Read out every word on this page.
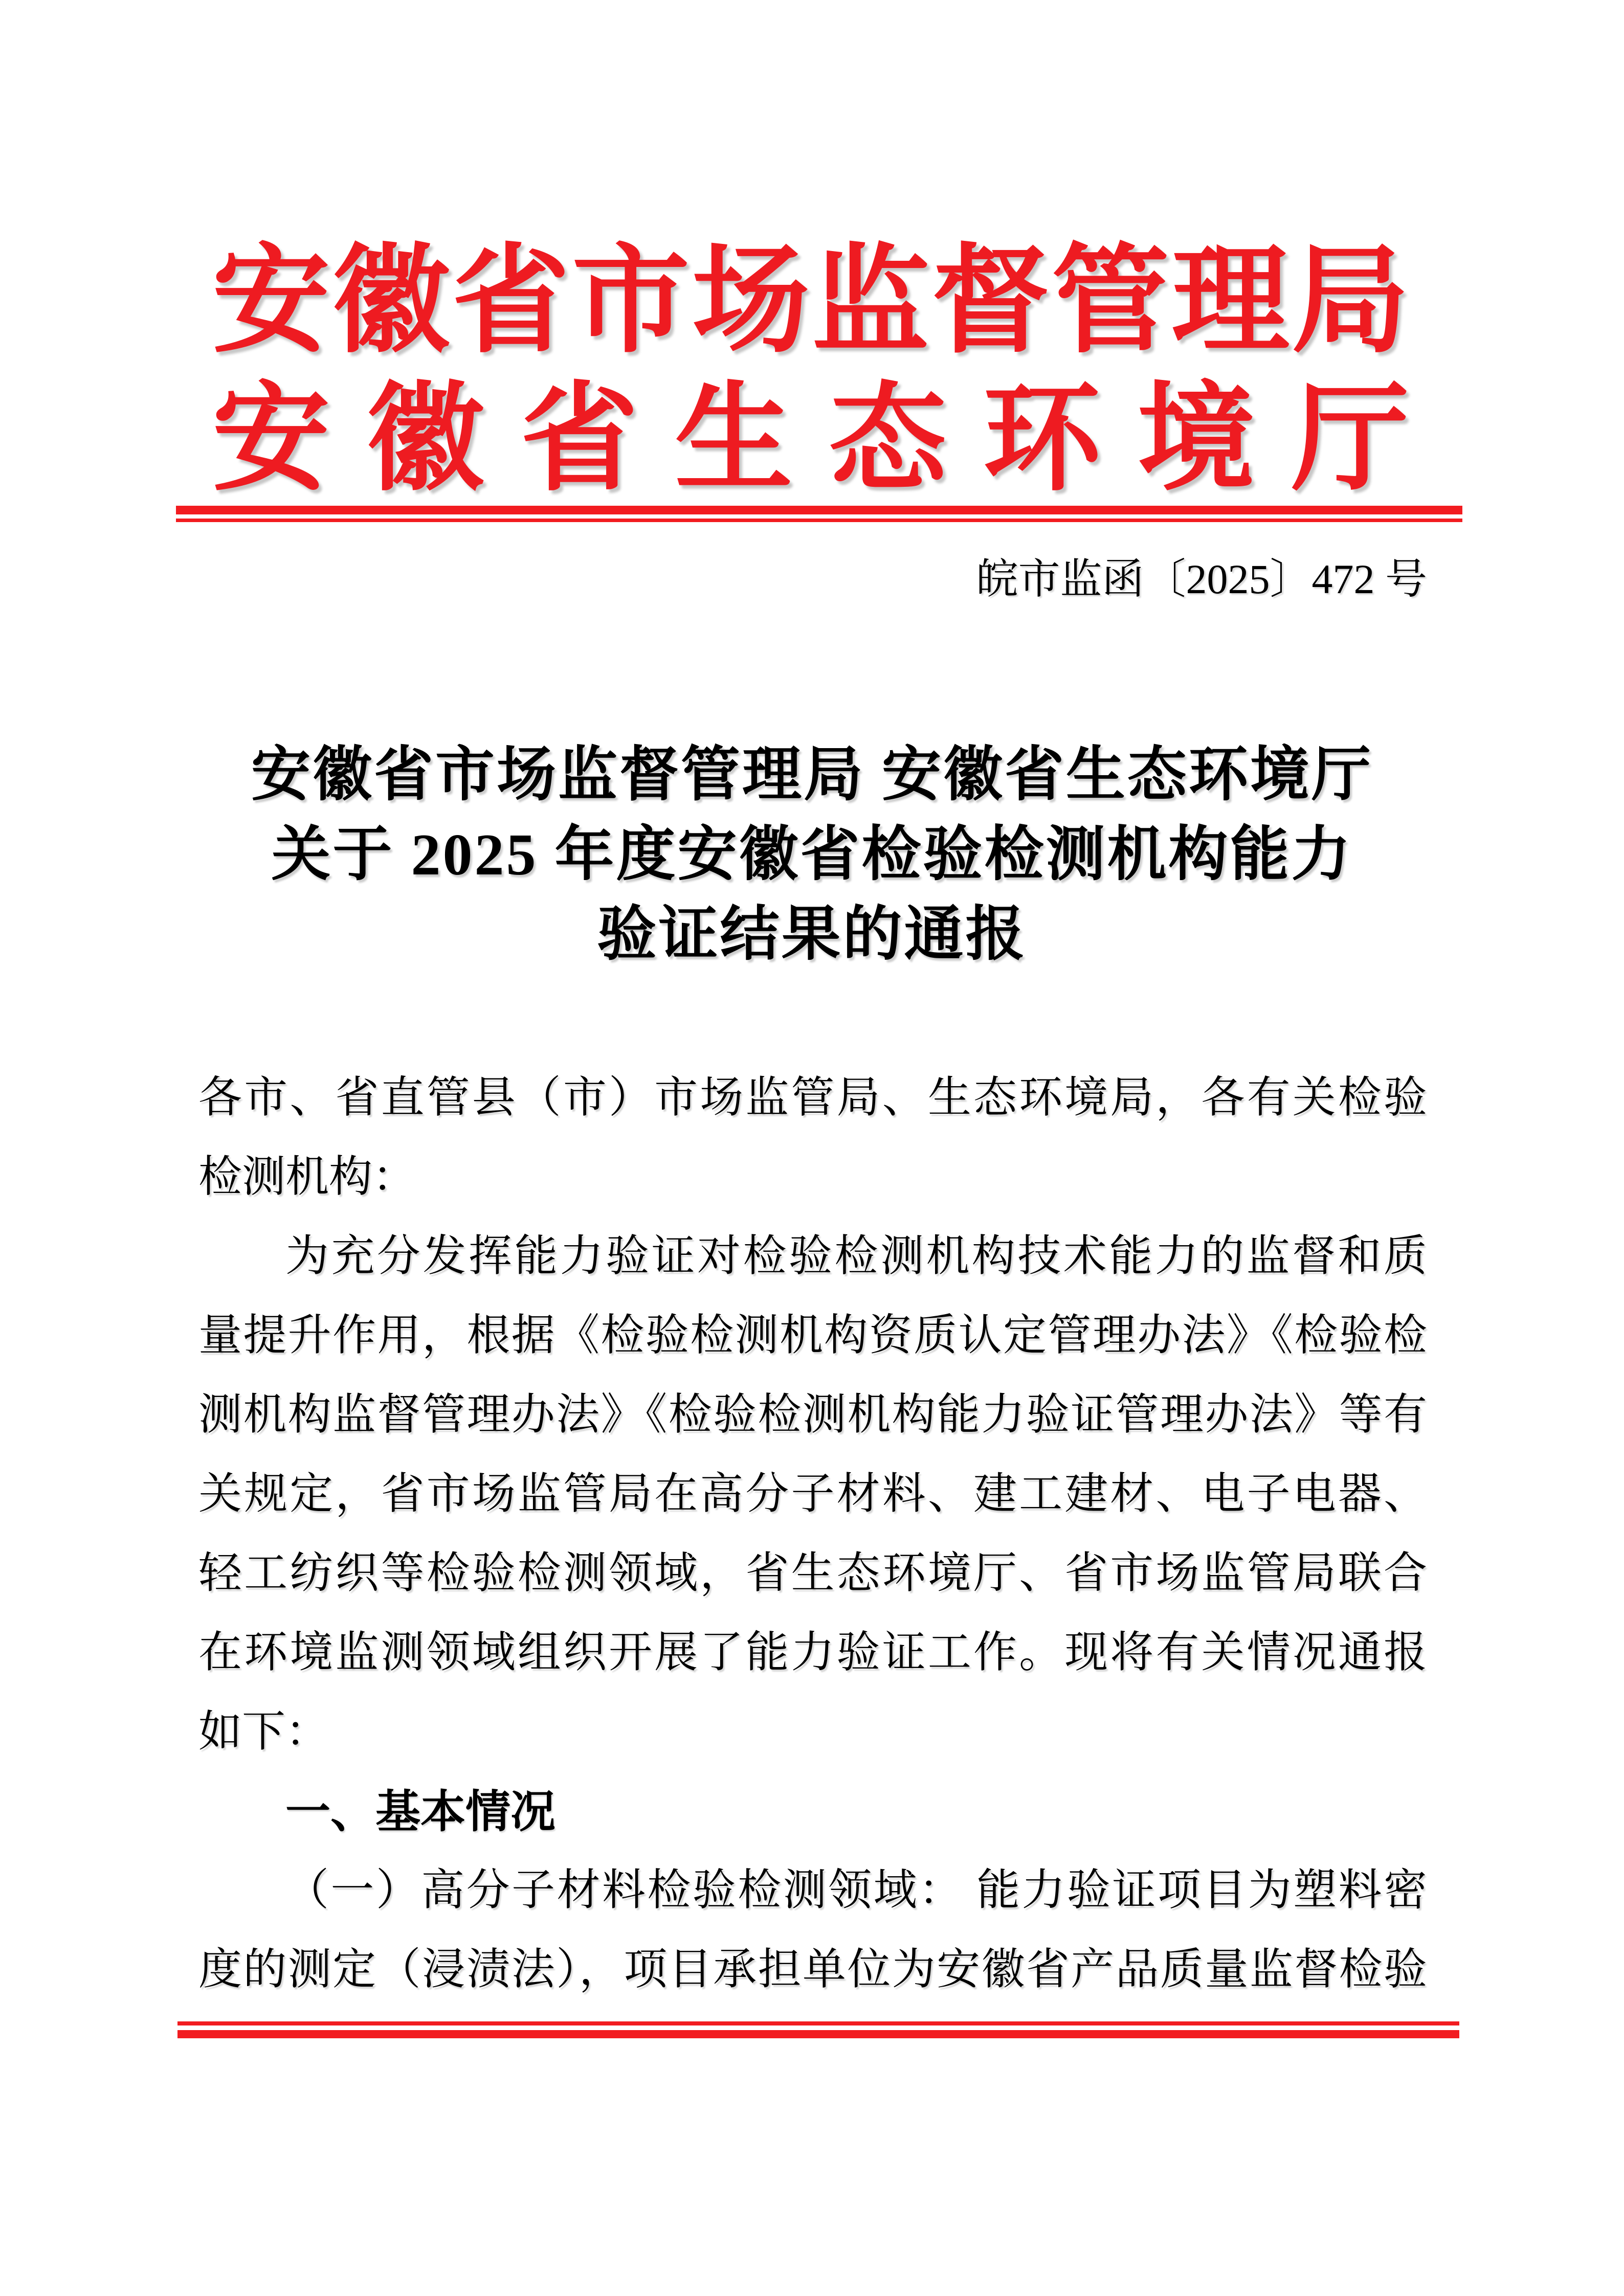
安徽省市场监督管理局
安徽省生态环境厅
皖市监函〔2025〕472 号
安徽省市场监督管理局 安徽省生态环境厅
关于 2025 年度安徽省检验检测机构能力
验证结果的通报
各市、省直管县（市）市场监管局、生态环境局，各有关检验
检测机构：
为充分发挥能力验证对检验检测机构技术能力的监督和质
量提升作用，根据《检验检测机构资质认定管理办法》《检验检
测机构监督管理办法》《检验检测机构能力验证管理办法》等有
关规定，省市场监管局在高分子材料、建工建材、电子电器、
轻工纺织等检验检测领域，省生态环境厅、省市场监管局联合
在环境监测领域组织开展了能力验证工作。现将有关情况通报
如下：
一、基本情况
（一）高分子材料检验检测领域： 能力验证项目为塑料密
度的测定（浸渍法），项目承担单位为安徽省产品质量监督检验
